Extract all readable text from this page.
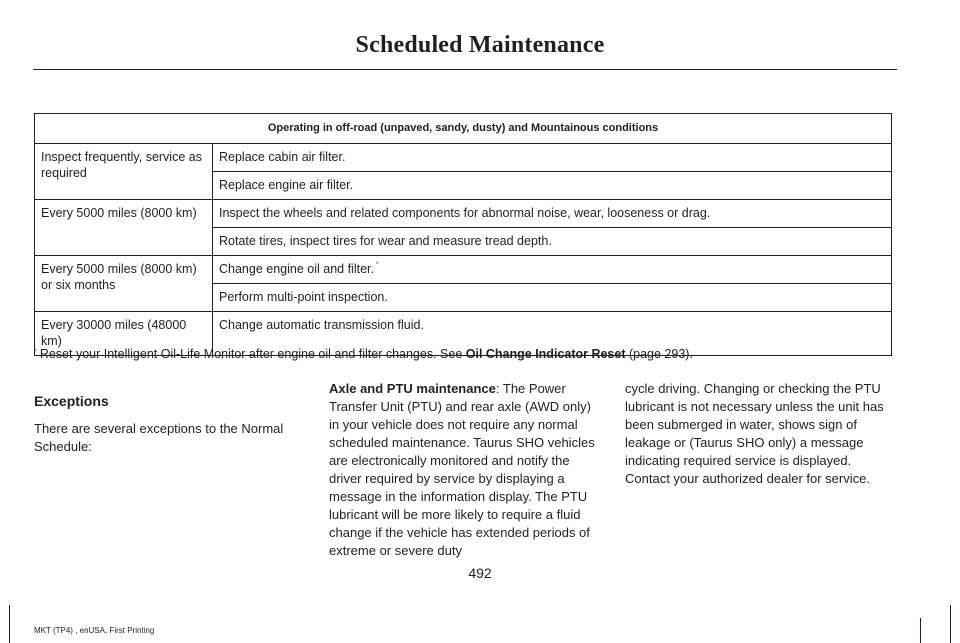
Scheduled Maintenance
Operating in off-road (unpaved, sandy, dusty) and Mountainous conditions	
Inspect frequently, service as required	Replace cabin air filter.
	Replace engine air filter.
Every 5000 miles (8000 km)	Inspect the wheels and related components for abnormal noise, wear, looseness or drag.
	Rotate tires, inspect tires for wear and measure tread depth.
Every 5000 miles (8000 km) or six months	Change engine oil and filter. *
	Perform multi-point inspection.
Every 30000 miles (48000 km)	Change automatic transmission fluid.
* Reset your Intelligent Oil-Life Monitor after engine oil and filter changes. See Oil Change Indicator Reset (page 293).
Exceptions

There are several exceptions to the Normal Schedule:

Axle and PTU maintenance: The Power Transfer Unit (PTU) and rear axle (AWD only) in your vehicle does not require any normal scheduled maintenance. Taurus SHO vehicles are electronically monitored and notify the driver required by service by displaying a message in the information display. The PTU lubricant will be more likely to require a fluid change if the vehicle has extended periods of extreme or severe duty

cycle driving. Changing or checking the PTU lubricant is not necessary unless the unit has been submerged in water, shows sign of leakage or (Taurus SHO only) a message indicating required service is displayed. Contact your authorized dealer for service.

492
MKT (TP4) , enUSA, First Printing
